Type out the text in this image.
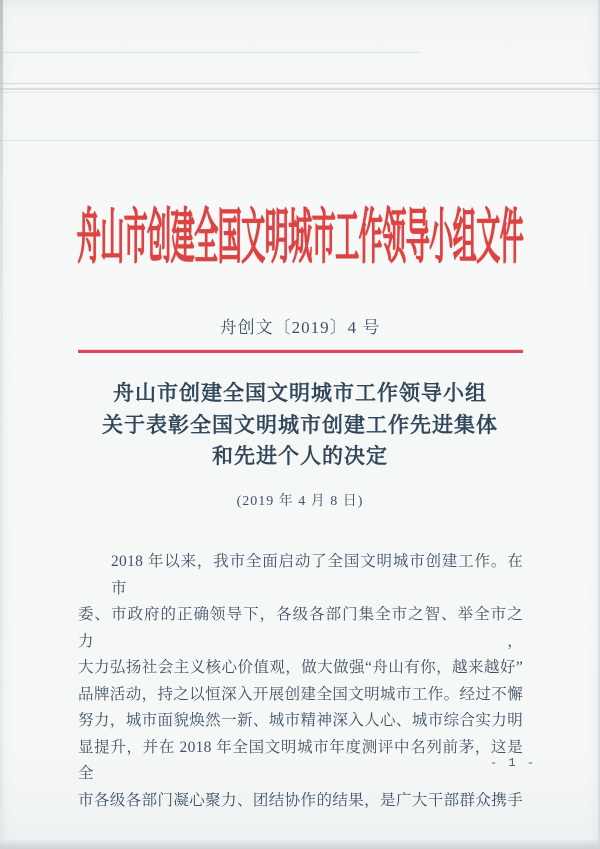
舟山市创建全国文明城市工作领导小组文件
舟创文〔2019〕4 号
舟山市创建全国文明城市工作领导小组
关于表彰全国文明城市创建工作先进集体
和先进个人的决定
(2019 年 4 月 8 日)
2018 年以来，我市全面启动了全国文明城市创建工作。在市
委、市政府的正确领导下，各级各部门集全市之智、举全市之力，
大力弘扬社会主义核心价值观，做大做强“舟山有你，越来越好”
品牌活动，持之以恒深入开展创建全国文明城市工作。经过不懈
努力，城市面貌焕然一新、城市精神深入人心、城市综合实力明
显提升，并在 2018 年全国文明城市年度测评中名列前茅，这是全
市各级各部门凝心聚力、团结协作的结果，是广大干部群众携手
- 1 -
